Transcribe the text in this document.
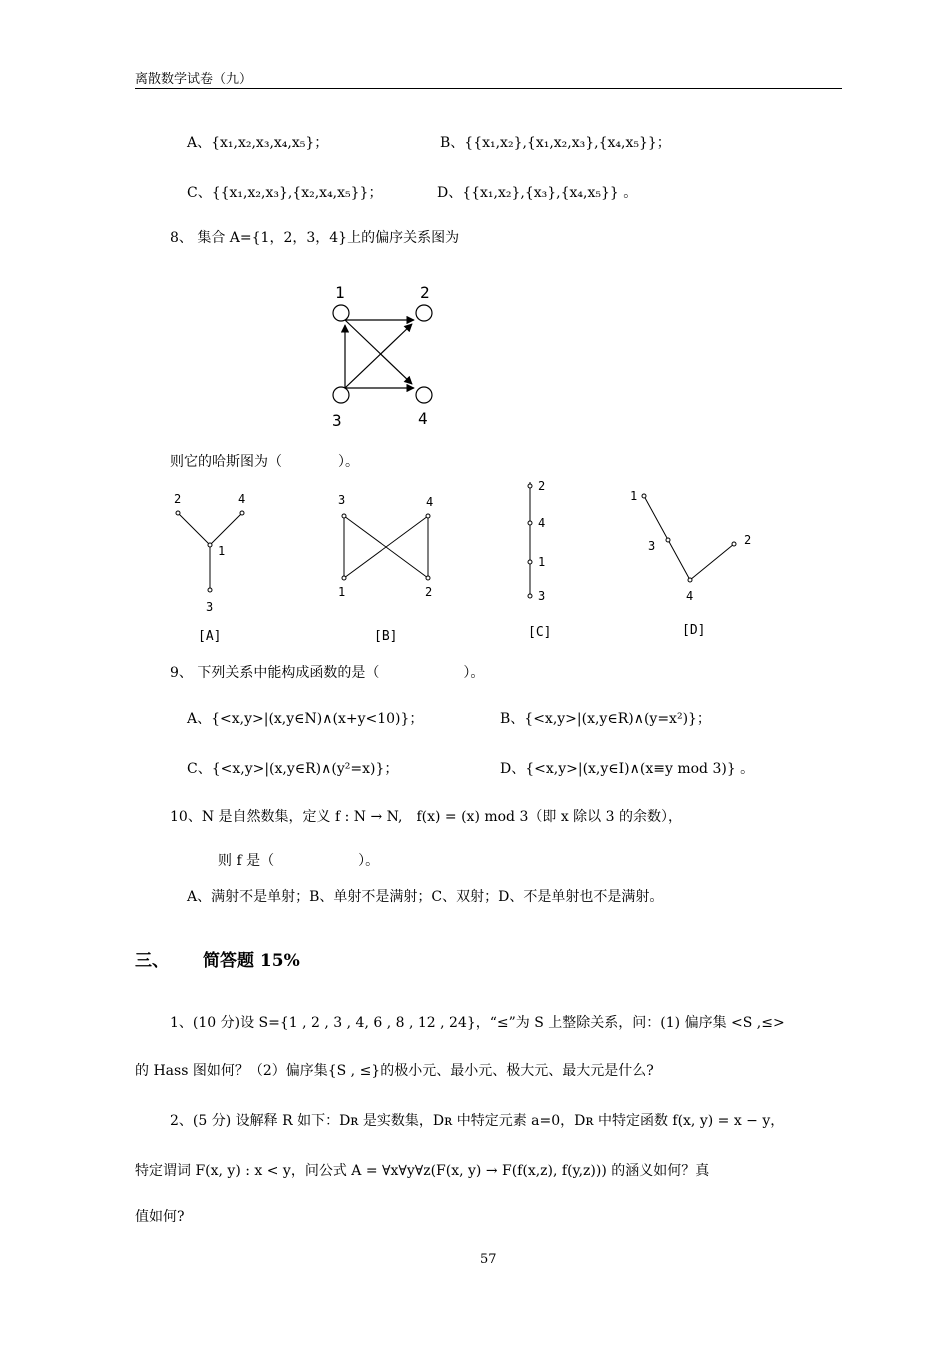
离散数学试卷（九）
A、{x₁,x₂,x₃,x₄,x₅}；	B、{{x₁,x₂},{x₁,x₂,x₃},{x₄,x₅}}；
C、{{x₁,x₂,x₃},{x₂,x₄,x₅}}；	D、{{x₁,x₂},{x₃},{x₄,x₅}} 。
8、 集合 A={1，2，3，4}上的偏序关系图为
1	2
3	4
则它的哈斯图为（　　　　）。
2	4
1
3
[A]
3	4
1	2
[B]
2
4
1
3
[C]
1
3	2
4
[D]
9、 下列关系中能构成函数的是（　　　　　　）。
A、{<x,y>|(x,y∈N)∧(x+y<10)}；	B、{<x,y>|(x,y∈R)∧(y=x²)}；
C、{<x,y>|(x,y∈R)∧(y²=x)}；	D、{<x,y>|(x,y∈I)∧(x≡y mod 3)} 。
10、N 是自然数集，定义 f : N → N,　f(x) = (x) mod 3（即 x 除以 3 的余数），
则 f 是（　　　　　　）。
A、满射不是单射；B、单射不是满射；C、双射；D、不是单射也不是满射。
三、 简答题 15%
1、(10 分)设 S={1 , 2 , 3 , 4, 6 , 8 , 12 , 24}，“≤”为 S 上整除关系，问：(1) 偏序集 <S ,≤>
的 Hass 图如何？（2）偏序集{S , ≤}的极小元、最小元、极大元、最大元是什么?
2、(5 分) 设解释 R 如下：Dʀ 是实数集，Dʀ 中特定元素 a=0，Dʀ 中特定函数 f(x, y) = x − y，
特定谓词 F(x, y) : x < y，问公式 A = ∀x∀y∀z(F(x, y) → F(f(x,z), f(y,z))) 的涵义如何？真
值如何?
57
